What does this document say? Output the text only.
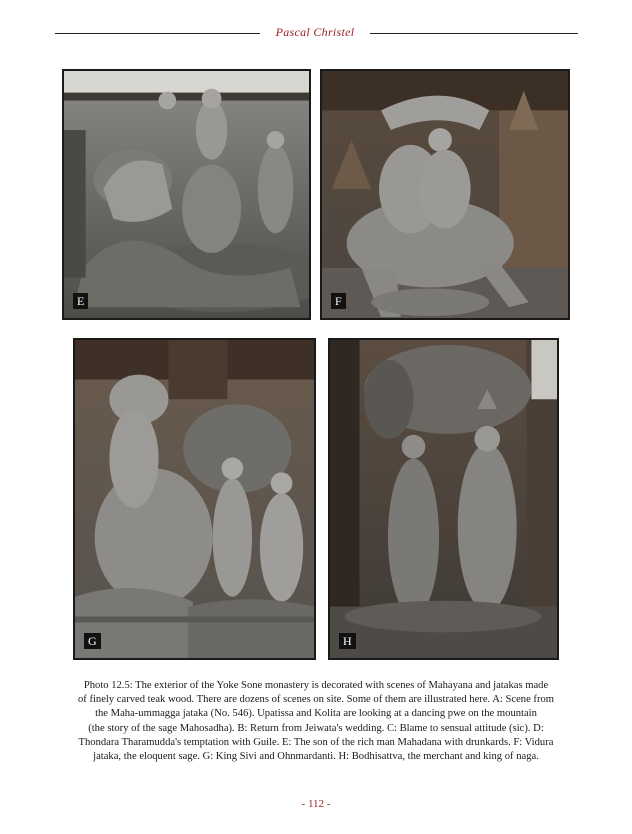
Pascal Christel
E	F
G	H
Photo 12.5: The exterior of the Yoke Sone monastery is decorated with scenes of Mahayana and jatakas made
of finely carved teak wood. There are dozens of scenes on site. Some of them are illustrated here. A: Scene from
the Maha-ummagga jataka (No. 546). Upatissa and Kolita are looking at a dancing pwe on the mountain
(the story of the sage Mahosadha). B: Return from Jeiwata's wedding. C: Blame to sensual attitude (sic). D:
Thondara Tharamudda's temptation with Guile. E: The son of the rich man Mahadana with drunkards. F: Vidura
jataka, the eloquent sage. G: King Sivi and Ohnmardanti. H: Bodhisattva, the merchant and king of naga.
- 112 -
